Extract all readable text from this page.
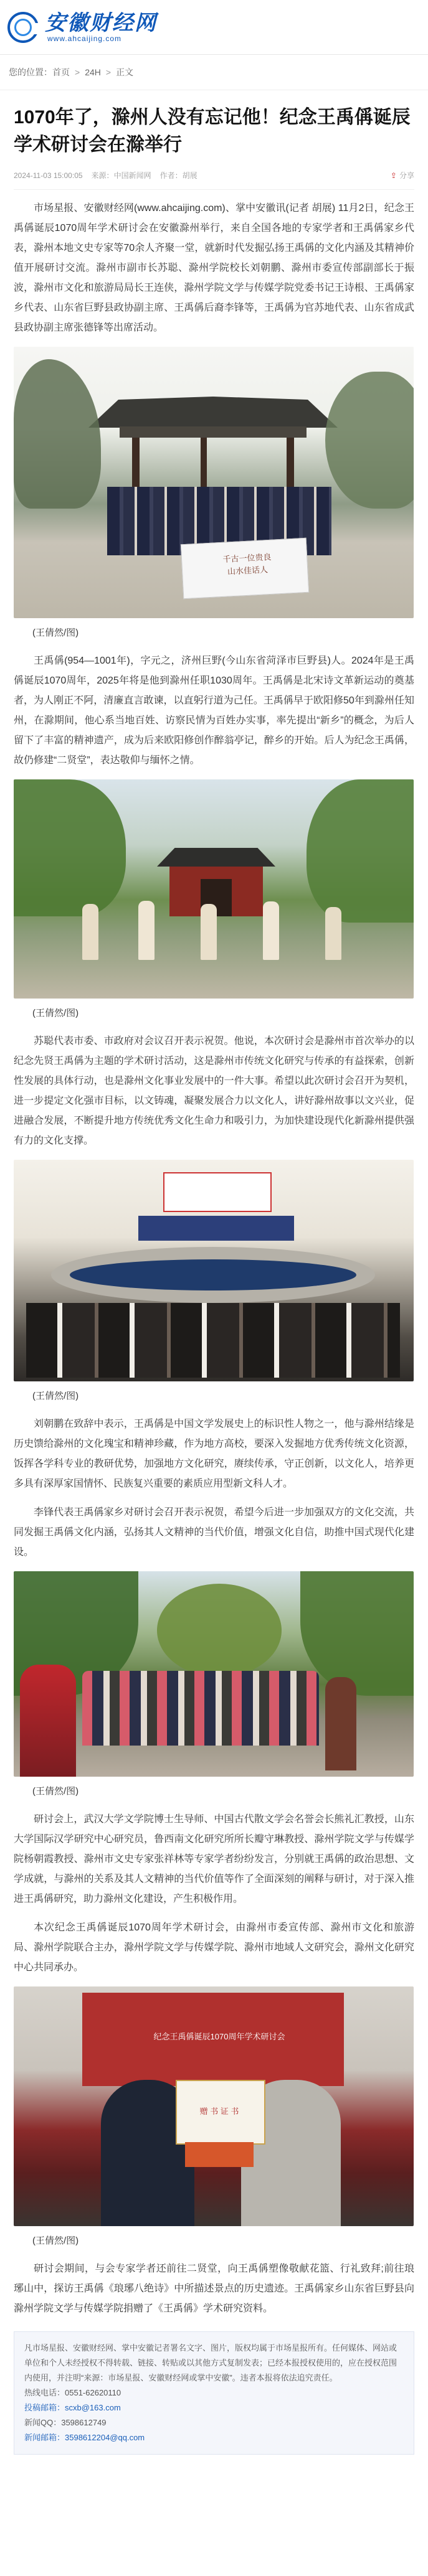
安徽财经网
www.ahcaijing.com
您的位置： 首页 > 24H > 正文
1070年了，滁州人没有忘记他！纪念王禹偁诞辰学术研讨会在滁举行
2024-11-03 15:00:05 来源：中国新闻网 作者：胡展	⇪ 分享

市场星报、安徽财经网(www.ahcaijing.com)、掌中安徽讯(记者 胡展) 11月2日，纪念王禹偁诞辰1070周年学术研讨会在安徽滁州举行，来自全国各地的专家学者和王禹偁家乡代表，滁州本地文史专家等70余人齐聚一堂，就新时代发掘弘扬王禹偁的文化内涵及其精神价值开展研讨交流。滁州市副市长苏聪、滁州学院校长刘朝鹏、滁州市委宣传部副部长于振波，滁州市文化和旅游局局长王连侠，滁州学院文学与传媒学院党委书记王诗根、王禹偁家乡代表、山东省巨野县政协副主席、王禹偁后裔李锋等，王禹偁为官苏地代表、山东省成武县政协副主席张德锋等出席活动。

千古一位贵良
山水佳话人
(王倩然/图)

王禹偁(954—1001年)，字元之，济州巨野(今山东省菏泽市巨野县)人。2024年是王禹偁诞辰1070周年，2025年将是他到滁州任职1030周年。王禹偁是北宋诗文革新运动的奠基者，为人刚正不阿，清廉直言敢谏，以直躬行道为己任。王禹偁早于欧阳修50年到滁州任知州，在滁期间，他心系当地百姓、访察民情为百姓办实事，率先提出“新乡”的概念，为后人留下了丰富的精神遗产，成为后来欧阳修创作醉翁亭记，醉乡的开始。后人为纪念王禹偁，故仍修建“二贤堂”，表达敬仰与缅怀之情。

(王倩然/图)

苏聪代表市委、市政府对会议召开表示祝贺。他说，本次研讨会是滁州市首次举办的以纪念先贤王禹偁为主题的学术研讨活动，这是滁州市传统文化研究与传承的有益探索，创新性发展的具体行动，也是滁州文化事业发展中的一件大事。希望以此次研讨会召开为契机，进一步提定文化强市目标，以文铸魂，凝聚发展合力以文化人，讲好滁州故事以文兴业，促进融合发展，不断提升地方传统优秀文化生命力和吸引力，为加快建设现代化新滁州提供强有力的文化支撑。

(王倩然/图)

刘朝鹏在致辞中表示，王禹偁是中国文学发展史上的标识性人物之一，他与滁州结缘是历史馈给滁州的文化瑰宝和精神珍藏，作为地方高校，要深入发掘地方优秀传统文化资源，饭挥各学科专业的教研优势，加强地方文化研究，赓续传承，守正创新，以文化人，培养更多具有深厚家国情怀、民族复兴重要的素质应用型新文科人才。

李锋代表王禹偁家乡对研讨会召开表示祝贺，希望今后进一步加强双方的文化交流，共同发掘王禹偁文化内涵，弘扬其人文精神的当代价值，增强文化自信，助推中国式现代化建设。

(王倩然/图)

研讨会上，武汉大学文学院博士生导师、中国古代散文学会名誉会长熊礼汇教授，山东大学国际汉学研究中心研究员，鲁西南文化研究所所长瓣守琳教授、滁州学院文学与传媒学院杨朝霞教授、滁州市文史专家张祥林等专家学者纷纷发言，分别就王禹偁的政治思想、文学成就，与滁州的关系及其人文精神的当代价值等作了全面深刻的阐释与研讨，对于深入推进王禹偁研究，助力滁州文化建设，产生积极作用。

本次纪念王禹偁诞辰1070周年学术研讨会，由滁州市委宣传部、滁州市文化和旅游局、滁州学院联合主办，滁州学院文学与传媒学院、滁州市地域人文研究会，滁州文化研究中心共同承办。

纪念王禹偁诞辰1070周年学术研讨会
赠 书 证 书
(王倩然/图)

研讨会期间，与会专家学者还前往二贤堂，向王禹偁塑像敬献花篮、行礼致拜;前往琅琊山中，探访王禹偁《琅琊八绝诗》中所描述景点的历史遗迹。王禹偁家乡山东省巨野县向滁州学院文学与传媒学院捐赠了《王禹偁》学术研究资料。

凡市场星报、安徽财经网、掌中安徽记者署名文字、图片，版权均属于市场星报所有。任何媒体、网站或单位和个人未经授权不得转载、链接、转贴或以其他方式复制发表；已经本报授权使用的，应在授权范围内使用，并注明“来源：市场星报、安徽财经网或掌中安徽”。违者本报将依法追究责任。
热线电话：0551-62620110
投稿邮箱：scxb@163.com
新闻QQ：3598612749
新闻邮箱：3598612204@qq.com
